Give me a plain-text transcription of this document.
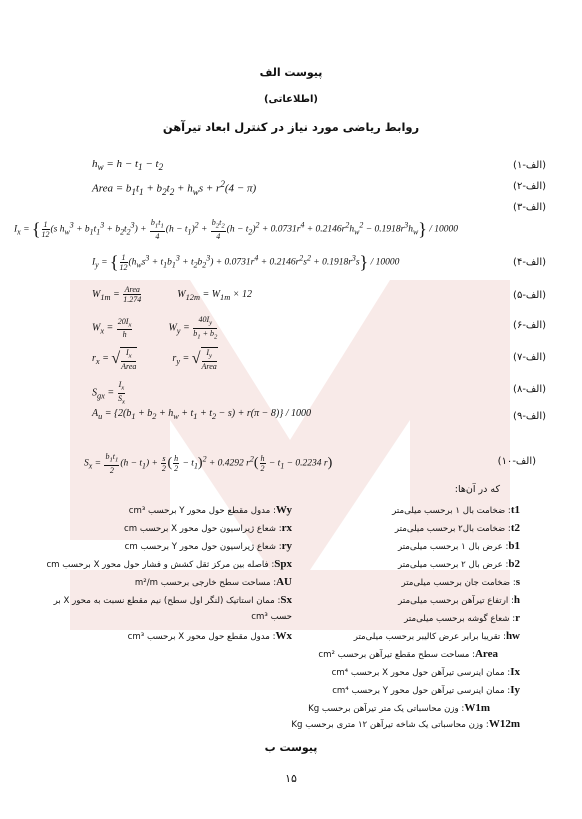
پیوست الف
(اطلاعاتی)
روابط ریاضی مورد نیاز در کنترل ابعاد تیرآهن
(الف-۱)
(الف-۲)
(الف-۳)
(الف-۴)
(الف-۵)
(الف-۶)
(الف-۷)
(الف-۸)
(الف-۹)
(الف-۱۰)
$h_w = h - t_1 - t_2$
Area = $b_1t_1 + b_2t_2 + h_ws + r^2(4 - \pi)$
$I_x$ = { $\frac{1}{12} (s$ $h_w^3 + b_1t_1^3 + b_2t_2^3) + \frac{b_1t_1}{4} (h - t_1)^2 + \frac{b_2t_2}{4} (h - t_2)^2 + 0.0731r^4 + 0.2146r^2h_w^2 - 0.1918r^3h_w\} / 10000$
$I_y$ = { $\frac{1}{12} (h_ws^3 + t_1b_1^3 + t_2b_2^3) + 0.0731r^4 + 0.2146r^2s^2 + 0.1918r^3s\} / 10000$
$W_{1m} = \frac{\text{Area}}{1.274}$	$W_{12m} = W_{1m} \times 12$
$W_x = \frac{20I_x}{h}$	$W_y = \frac{40I_y}{b_1 + b_2}$
$r_x$ = √ $\frac{I_x}{\text{Area}}$	$r_y$ = √ $\frac{I_y}{\text{Area}}$
$S_{gx} = \frac{I_x}{S_x}$
$A_u = \{2(b_1 + b_2 + h_w + t_1 + t_2 - s) + r(\pi - 8)\} / 1000$
$S_x = \frac{b_1t_1}{2} (h - t_1) + \frac{s}{2}$ ( $\frac{h}{2} - t_1)^2 + 0.4292$ $r^2( \frac{h}{2} - t_1 - 0.2234$ r)
که در آن‌ها:
t1: ضخامت بال ۱ برحسب میلی‌متر
t2: ضخامت بال۲ برحسب میلی‌متر
b1: عرض بال ۱ برحسب میلی‌متر
b2: عرض بال ۲ برحسب میلی‌متر
s: ضخامت جان برحسب میلی‌متر
h: ارتفاع تیرآهن برحسب میلی‌متر
r: شعاع گوشه برحسب میلی‌متر
hw: تقریبا برابر عرض کالیبر برحسب میلی‌متر
Area: مساحت سطح مقطع تیرآهن برحسب cm²
Ix: ممان اینرسی تیرآهن حول محور X برحسب cm⁴
Iy: ممان اینرسی تیرآهن حول محور Y برحسب cm⁴
W1m: وزن محاسباتی یک متر تیرآهن برحسب Kg
W12m: وزن محاسباتی یک شاخه تیرآهن ۱۲ متری برحسب Kg
Wy: مدول مقطع حول محور Y برحسب cm³
rx: شعاع ژیراسیون حول محور X برحسب cm
ry: شعاع ژیراسیون حول محور Y برحسب cm
Spx: فاصله بین مرکز ثقل کشش و فشار حول محور X برحسب cm
AU: مساحت سطح خارجی برحسب m²/m
Sx: ممان استاتیک (لنگر اول سطح) نیم مقطع نسبت به محور X بر
حسب cm³
Wx: مدول مقطع حول محور X برحسب cm³
پیوست ب
۱۵
